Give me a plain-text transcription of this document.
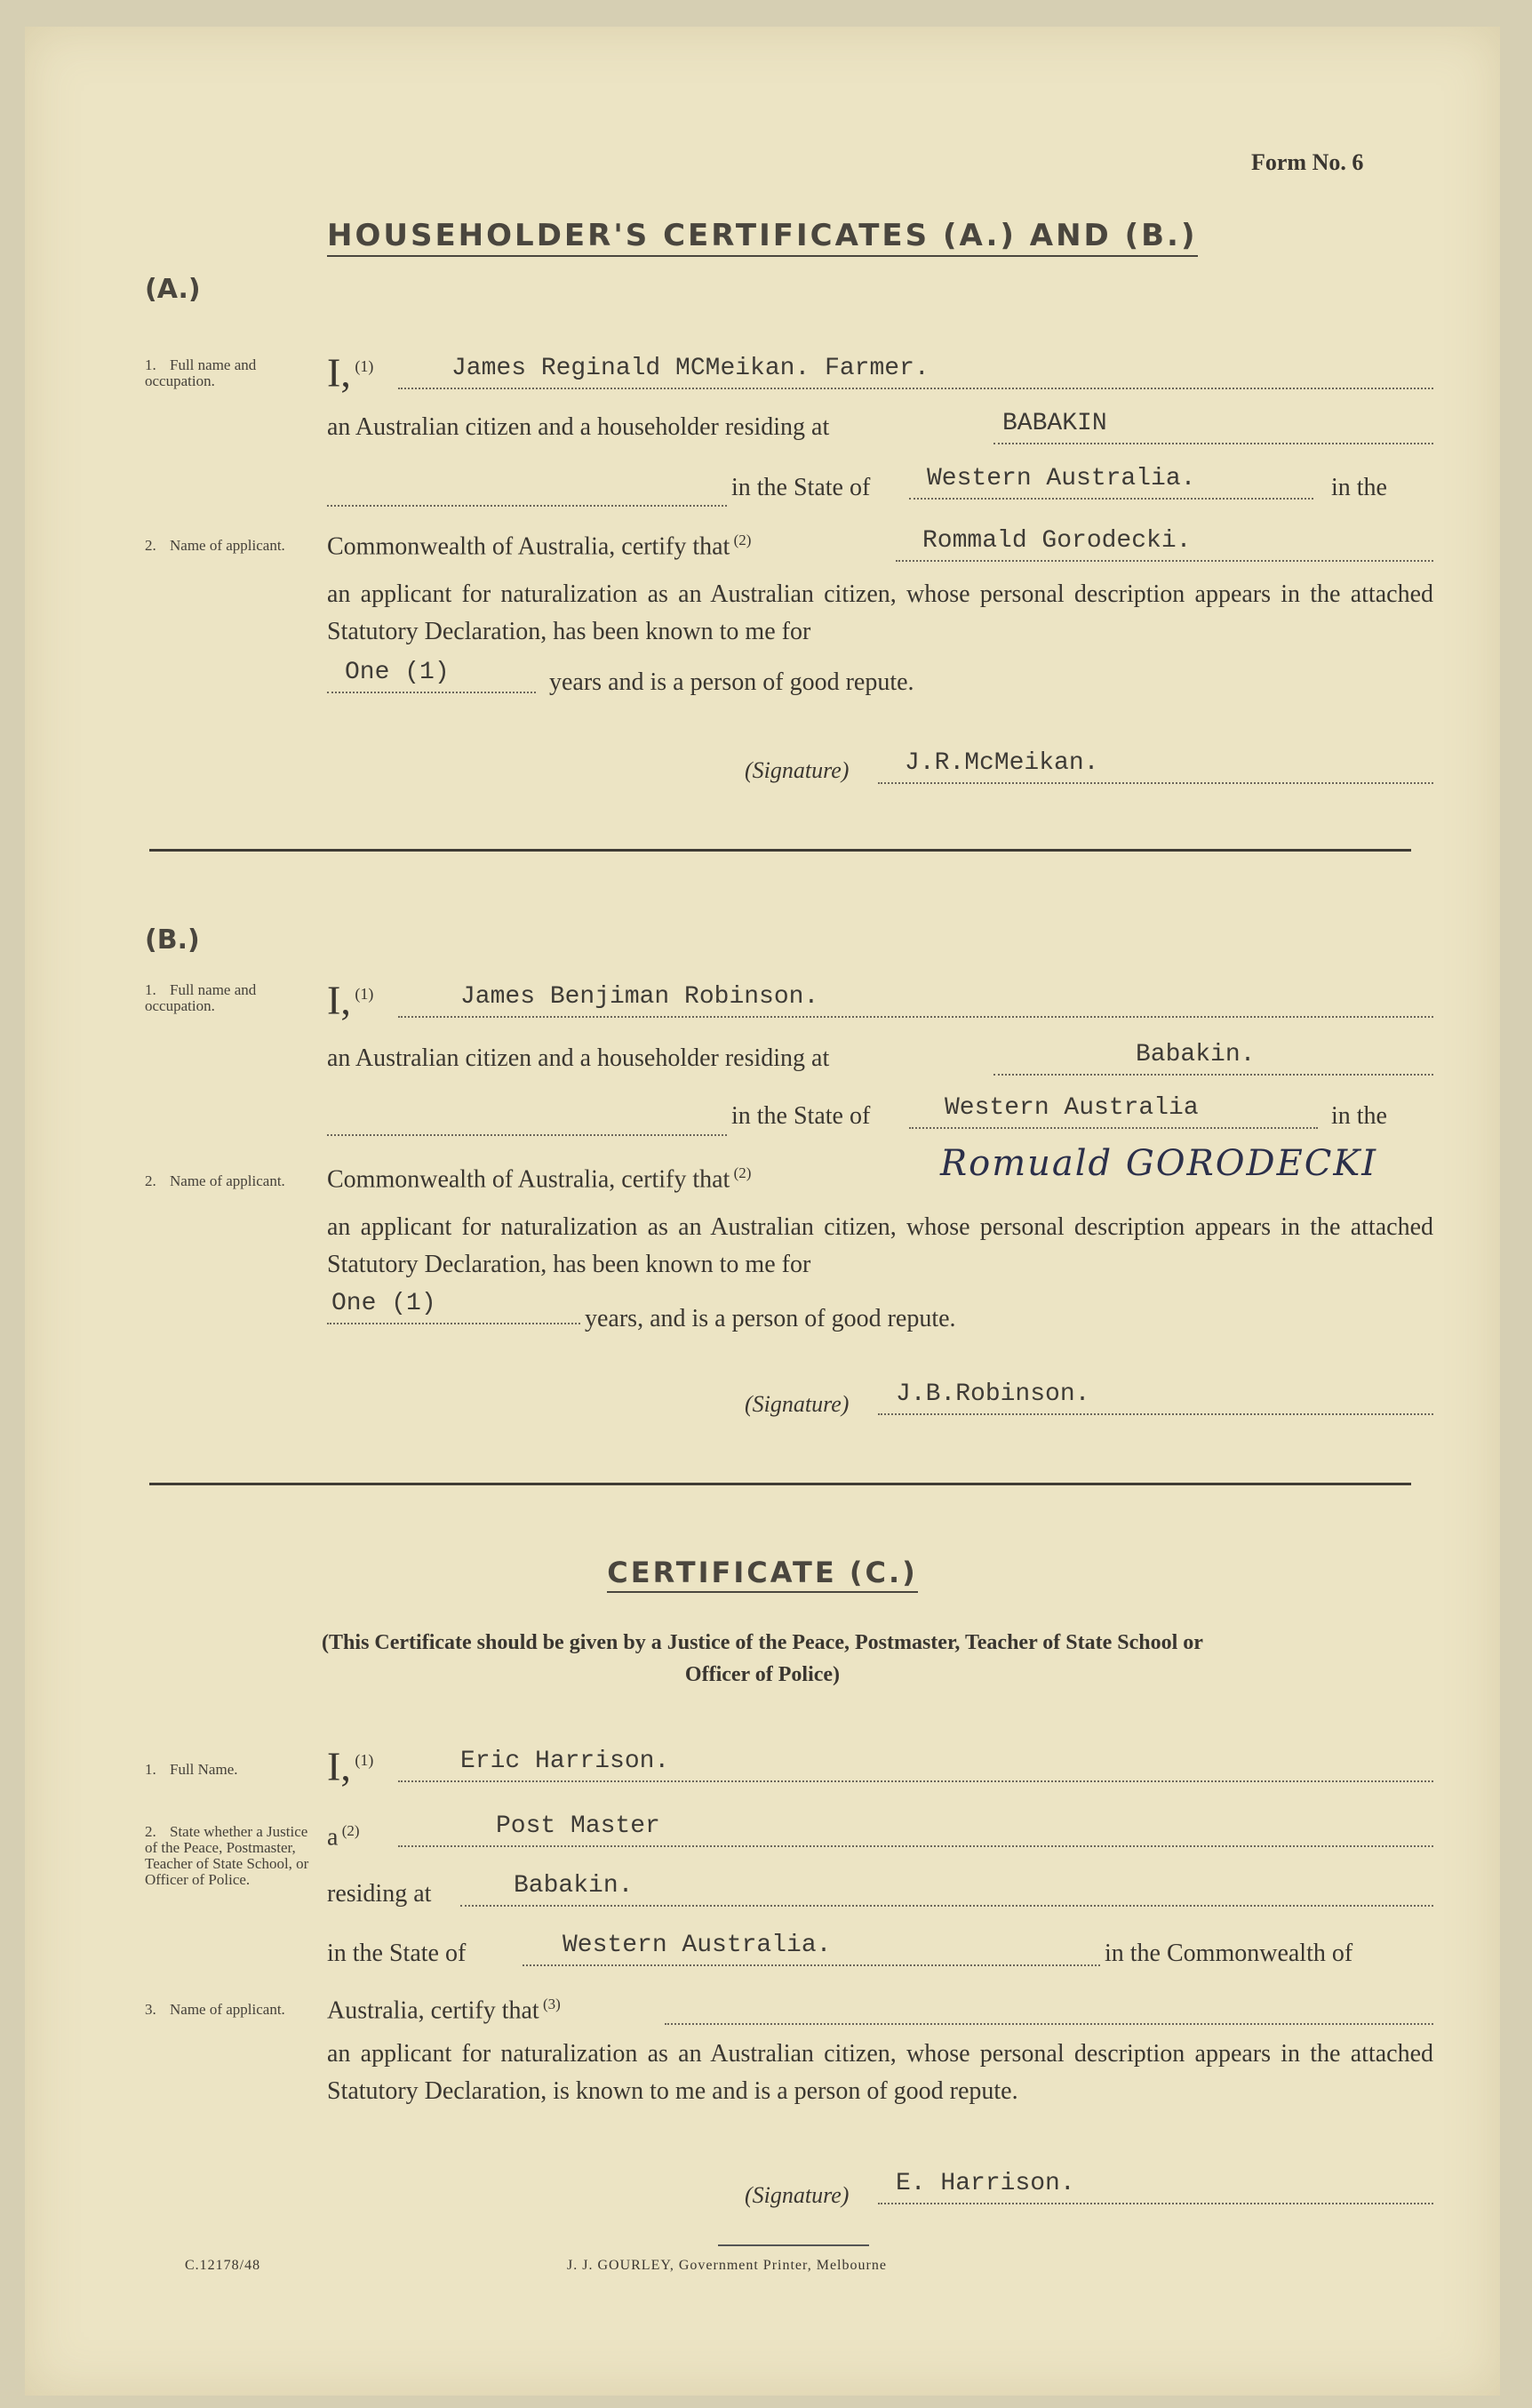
Form No. 6
HOUSEHOLDER'S CERTIFICATES (A.) AND (B.)
(A.)
1. Full name and occupation.	I, $^{(1)}$	James Reginald MCMeikan. Farmer.
an Australian citizen and a householder residing at	BABAKIN
in the State of	Western Australia.	in the
2. Name of applicant.	Commonwealth of Australia, certify that $^{(2)}$	Rommald Gorodecki.
an applicant for naturalization as an Australian citizen, whose personal description appears in the attached Statutory Declaration, has been known to me for
One (1)	years and is a person of good repute.
(Signature)	J.R.McMeikan.
(B.)
1. Full name and occupation.	I, $^{(1)}$	James Benjiman Robinson.
an Australian citizen and a householder residing at	Babakin.
in the State of	Western Australia	in the
2. Name of applicant.	Commonwealth of Australia, certify that $^{(2)}$	Romuald GORODECKI
an applicant for naturalization as an Australian citizen, whose personal description appears in the attached Statutory Declaration, has been known to me for
One (1)
years, and is a person of good repute.
(Signature)	J.B.Robinson.
CERTIFICATE (C.)
(This Certificate should be given by a Justice of the Peace, Postmaster, Teacher of State School or Officer of Police)
1. Full Name. I, $^{(1)}$	Eric Harrison.
2. State whether a Justice of the Peace, Postmaster, Teacher of State School, or Officer of Police.
a $^{(2)}$	Post Master
residing at	Babakin.
in the State of	Western Australia.	in the Commonwealth of
3. Name of applicant.	Australia, certify that $^{(3)}$
an applicant for naturalization as an Australian citizen, whose personal description appears in the attached Statutory Declaration, is known to me and is a person of good repute.
(Signature)	E. Harrison.
C.12178/48	J. J. GOURLEY, Government Printer, Melbourne
